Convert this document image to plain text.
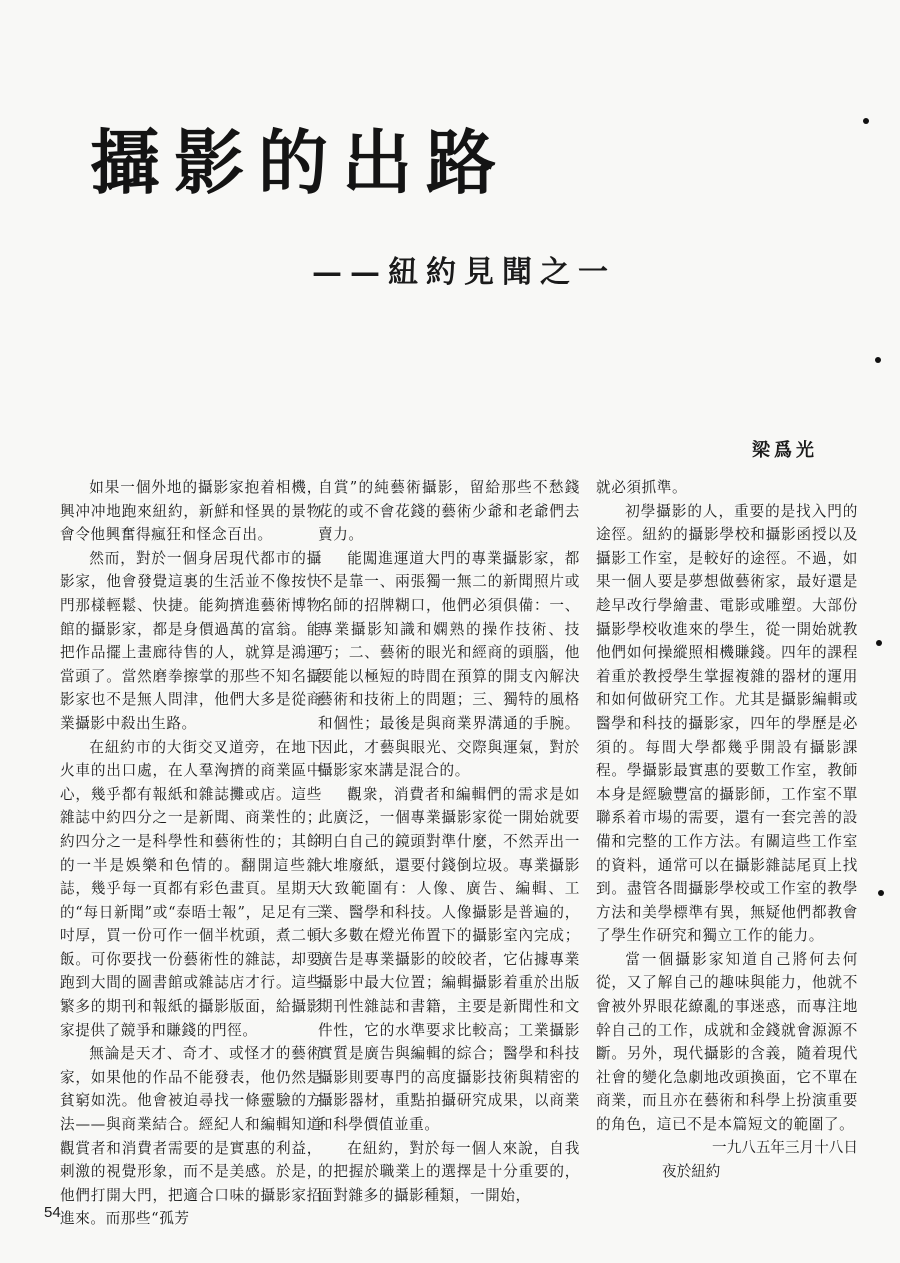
攝影的出路
——紐約見聞之一
梁爲光

如果一個外地的攝影家抱着相機，興冲冲地跑來紐約，新鮮和怪異的景物會令他興奮得瘋狂和怪念百出。

然而，對於一個身居現代都市的攝影家，他會發覺這裏的生活並不像按快門那樣輕鬆、快捷。能夠擠進藝術博物館的攝影家，都是身價過萬的富翁。能把作品擺上畫廊待售的人，就算是鴻運當頭了。當然磨拳擦掌的那些不知名攝影家也不是無人問津，他們大多是從商業攝影中殺出生路。

在紐約市的大街交叉道旁，在地下火車的出口處，在人羣洶擠的商業區中心，幾乎都有報紙和雜誌攤或店。這些雜誌中約四分之一是新聞、商業性的；約四分之一是科學性和藝術性的；其餘的一半是娛樂和色情的。翻開這些雜誌，幾乎每一頁都有彩色畫頁。星期天的“每日新聞”或“泰晤士報”，足足有三吋厚，買一份可作一個半枕頭，煮二頓飯。可你要找一份藝術性的雜誌，却要跑到大間的圖書館或雜誌店才行。這些繁多的期刊和報紙的攝影版面，給攝影家提供了競爭和賺錢的門徑。

無論是天才、奇才、或怪才的藝術家，如果他的作品不能發表，他仍然是貧窮如洗。他會被迫尋找一條靈驗的方法——與商業結合。經紀人和編輯知道觀賞者和消費者需要的是實惠的利益，刺激的視覺形象，而不是美感。於是，他們打開大門，把適合口味的攝影家招進來。而那些“孤芳

自賞”的純藝術攝影，留給那些不愁錢花的或不會花錢的藝術少爺和老爺們去賣力。

能闖進運道大門的專業攝影家，都不是靠一、兩張獨一無二的新聞照片或名師的招牌糊口，他們必須俱備：一、專業攝影知識和嫻熟的操作技術、技巧；二、藝術的眼光和經商的頭腦，他要能以極短的時間在預算的開支內解決藝術和技術上的問題；三、獨特的風格和個性；最後是與商業界溝通的手腕。因此，才藝與眼光、交際與運氣，對於攝影家來講是混合的。

觀衆，消費者和編輯們的需求是如此廣泛，一個專業攝影家從一開始就要明白自己的鏡頭對準什麼，不然弄出一大堆廢紙，還要付錢倒垃圾。專業攝影大致範圍有：人像、廣告、編輯、工業、醫學和科技。人像攝影是普遍的，大多數在燈光佈置下的攝影室內完成；廣告是專業攝影的皎皎者，它佔據專業攝影中最大位置；編輯攝影着重於出版期刊性雜誌和書籍，主要是新聞性和文件性，它的水準要求比較高；工業攝影實質是廣告與編輯的綜合；醫學和科技攝影則要專門的高度攝影技術與精密的攝影器材，重點拍攝研究成果，以商業和科學價值並重。

在紐約，對於每一個人來說，自我的把握於職業上的選擇是十分重要的，面對雜多的攝影種類，一開始，

就必須抓準。

初學攝影的人，重要的是找入門的途徑。紐約的攝影學校和攝影函授以及攝影工作室，是較好的途徑。不過，如果一個人要是夢想做藝術家，最好還是趁早改行學繪畫、電影或雕塑。大部份攝影學校收進來的學生，從一開始就教他們如何操縱照相機賺錢。四年的課程着重於教授學生掌握複雜的器材的運用和如何做研究工作。尤其是攝影編輯或醫學和科技的攝影家，四年的學歷是必須的。每間大學都幾乎開設有攝影課程。學攝影最實惠的要數工作室，教師本身是經驗豐富的攝影師，工作室不單聯系着市場的需要，還有一套完善的設備和完整的工作方法。有關這些工作室的資料，通常可以在攝影雜誌尾頁上找到。盡管各間攝影學校或工作室的教學方法和美學標準有異，無疑他們都教會了學生作研究和獨立工作的能力。

當一個攝影家知道自己將何去何從，又了解自己的趣味與能力，他就不會被外界眼花繚亂的事迷惑，而專注地幹自己的工作，成就和金錢就會源源不斷。另外，現代攝影的含義，隨着現代社會的變化急劇地改頭換面，它不單在商業，而且亦在藝術和科學上扮演重要的角色，這已不是本篇短文的範圍了。

一九八五年三月十八日
夜於紐約
54
